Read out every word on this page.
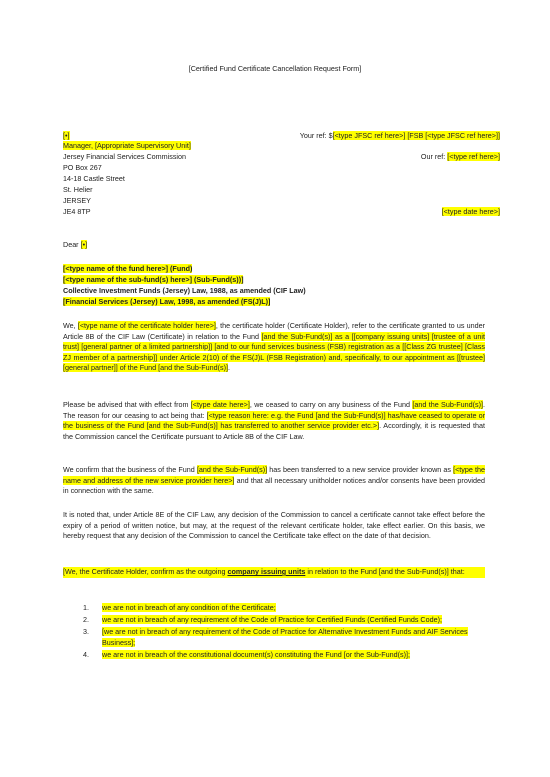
[Certified Fund Certificate Cancellation Request Form]
[•]
Manager, [Appropriate Supervisory Unit]
Jersey Financial Services Commission
PO Box 267
14-18 Castle Street
St. Helier
JERSEY
JE4 8TP
Your ref: $[<type JFSC ref here>] [FSB [<type JFSC ref here>]]
Our ref: [<type ref here>]
[<type date here>]
Dear [•]
[<type name of the fund here>] (Fund)
[<type name of the sub-fund(s) here>] (Sub-Fund(s))]
Collective Investment Funds (Jersey) Law, 1988, as amended (CIF Law)
[Financial Services (Jersey) Law, 1998, as amended (FS(J)L)]
We, [<type name of the certificate holder here>], the certificate holder (Certificate Holder), refer to the certificate granted to us under Article 8B of the CIF Law (Certificate) in relation to the Fund [and the Sub-Fund(s)] as a [[company issuing units] [trustee of a unit trust] [general partner of a limited partnership]] [and to our fund services business (FSB) registration as a [[Class ZG trustee] [Class ZJ member of a partnership]] under Article 2(10) of the FS(J)L (FSB Registration) and, specifically, to our appointment as [[trustee] [general partner]] of the Fund [and the Sub-Fund(s)].
Please be advised that with effect from [<type date here>], we ceased to carry on any business of the Fund [and the Sub-Fund(s)]. The reason for our ceasing to act being that: [<type reason here: e.g. the Fund [and the Sub-Fund(s)] has/have ceased to operate or the business of the Fund [and the Sub-Fund(s)] has transferred to another service provider etc.>]. Accordingly, it is requested that the Commission cancel the Certificate pursuant to Article 8B of the CIF Law.
We confirm that the business of the Fund [and the Sub-Fund(s)] has been transferred to a new service provider known as [<type the name and address of the new service provider here>] and that all necessary unitholder notices and/or consents have been provided in connection with the same.
It is noted that, under Article 8E of the CIF Law, any decision of the Commission to cancel a certificate cannot take effect before the expiry of a period of written notice, but may, at the request of the relevant certificate holder, take effect earlier. On this basis, we hereby request that any decision of the Commission to cancel the Certificate take effect on the date of that decision.
[We, the Certificate Holder, confirm as the outgoing company issuing units in relation to the Fund [and the Sub-Fund(s)] that:
1. we are not in breach of any condition of the Certificate;
2. we are not in breach of any requirement of the Code of Practice for Certified Funds (Certified Funds Code);
3. [we are not in breach of any requirement of the Code of Practice for Alternative Investment Funds and AIF Services Business];
4. we are not in breach of the constitutional document(s) constituting the Fund [or the Sub-Fund(s)];
